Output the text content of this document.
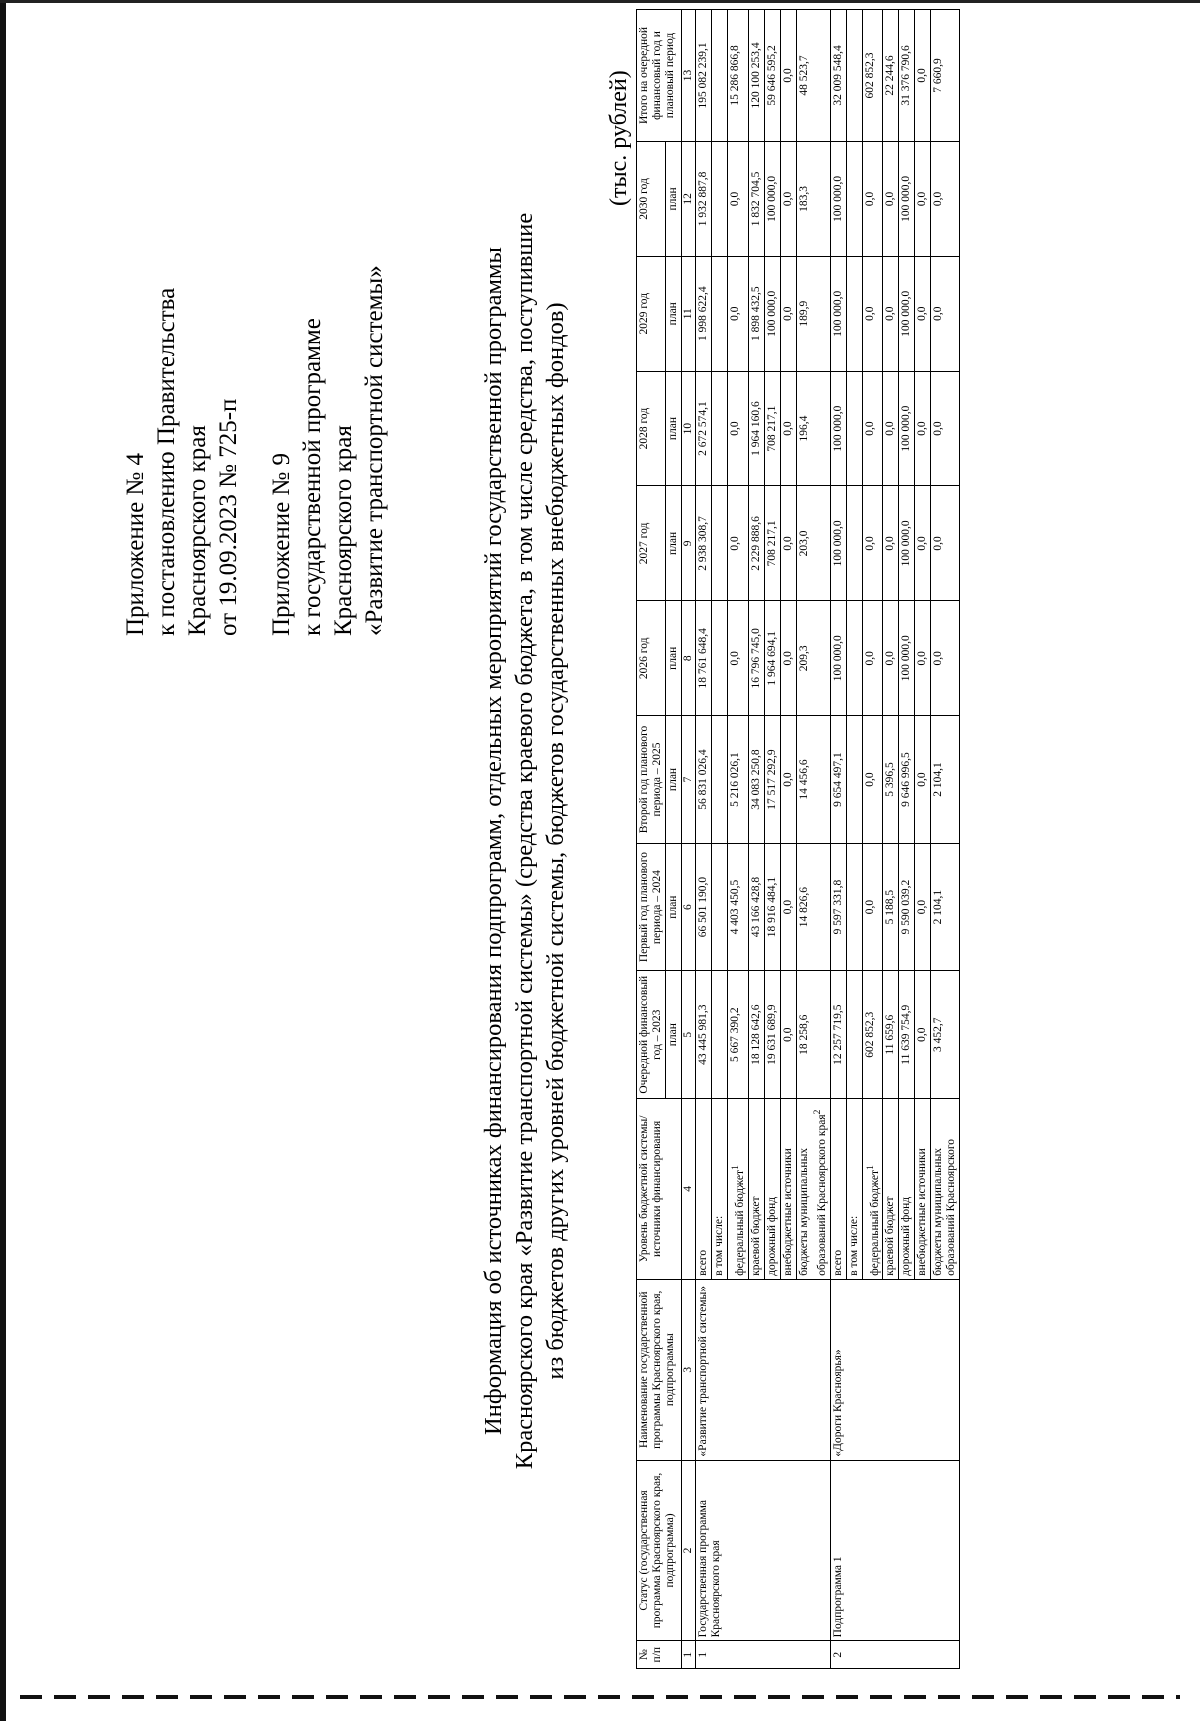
Приложение № 4 к постановлению Правительства Красноярского края от 19.09.2023 № 725-п Приложение № 9 к государственной программе Красноярского края «Развитие транспортной системы»	Информация об источниках финансирования подпрограмм, отдельных мероприятий государственной программы Красноярского края «Развитие транспортной системы» (средства краевого бюджета, в том числе средства, поступившие из бюджетов других уровней бюджетной системы, бюджетов государственных внебюджетных фондов)
(тыс. рублей)
№ п/п	Статус (государственная программа Красноярского края, подпрограмма)	Наименование государственной программы Красноярского края, подпрограммы	Уровень бюджетной системы/источники финансирования	Очередной финансовый год – 2023	Первый год планового периода – 2024	Второй год планового периода – 2025	2026 год	2027 год	2028 год	2029 год	2030 год	Итого на очередной финансовый год и плановый период
				план	план	план	план	план	план	план	план	
1	2	3	4	5	6	7	8	9	10	11	12	13
1	Государственная программа Красноярского края	«Развитие транспортной системы»	всего	43 445 981,3	66 501 190,0	56 831 026,4	18 761 648,4	2 938 308,7	2 672 574,1	1 998 622,4	1 932 887,8	195 082 239,1
			в том числе:									
			федеральный бюджет$^1$	5 667 390,2	4 403 450,5	5 216 026,1	0,0	0,0	0,0	0,0	0,0	15 286 866,8
			краевой бюджет	18 128 642,6	43 166 428,8	34 083 250,8	16 796 745,0	2 229 888,6	1 964 160,6	1 898 432,5	1 832 704,5	120 100 253,4
			дорожный фонд	19 631 689,9	18 916 484,1	17 517 292,9	1 964 694,1	708 217,1	708 217,1	100 000,0	100 000,0	59 646 595,2
			внебюджетные источники	0,0	0,0	0,0	0,0	0,0	0,0	0,0	0,0	0,0
			бюджеты муниципальных образований Красноярского края$^2$	18 258,6	14 826,6	14 456,6	209,3	203,0	196,4	189,9	183,3	48 523,7
2	Подпрограмма 1	«Дороги Красноярья»	всего	12 257 719,5	9 597 331,8	9 654 497,1	100 000,0	100 000,0	100 000,0	100 000,0	100 000,0	32 009 548,4
			в том числе:									
			федеральный бюджет$^1$	602 852,3	0,0	0,0	0,0	0,0	0,0	0,0	0,0	602 852,3
			краевой бюджет	11 659,6	5 188,5	5 396,5	0,0	0,0	0,0	0,0	0,0	22 244,6
			дорожный фонд	11 639 754,9	9 590 039,2	9 646 996,5	100 000,0	100 000,0	100 000,0	100 000,0	100 000,0	31 376 790,6
			внебюджетные источники	0,0	0,0	0,0	0,0	0,0	0,0	0,0	0,0	0,0
			бюджеты муниципальных образований Красноярского	3 452,7	2 104,1	2 104,1	0,0	0,0	0,0	0,0	0,0	7 660,9
